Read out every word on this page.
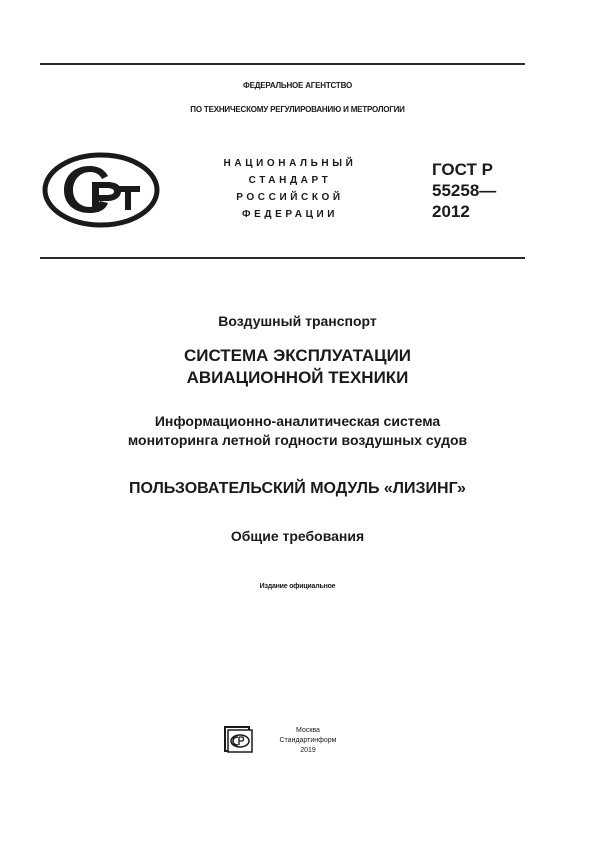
ФЕДЕРАЛЬНОЕ АГЕНТСТВО
ПО ТЕХНИЧЕСКОМУ РЕГУЛИРОВАНИЮ И МЕТРОЛОГИИ
НАЦИОНАЛЬНЫЙ
СТАНДАРТ
РОССИЙСКОЙ
ФЕДЕРАЦИИ
ГОСТ Р
55258—
2012
Воздушный транспорт
СИСТЕМА ЭКСПЛУАТАЦИИ
АВИАЦИОННОЙ ТЕХНИКИ
Информационно-аналитическая система
мониторинга летной годности воздушных судов
ПОЛЬЗОВАТЕЛЬСКИЙ МОДУЛЬ «ЛИЗИНГ»
Общие требования
Издание официальное
Москва
Стандартинформ
2019
